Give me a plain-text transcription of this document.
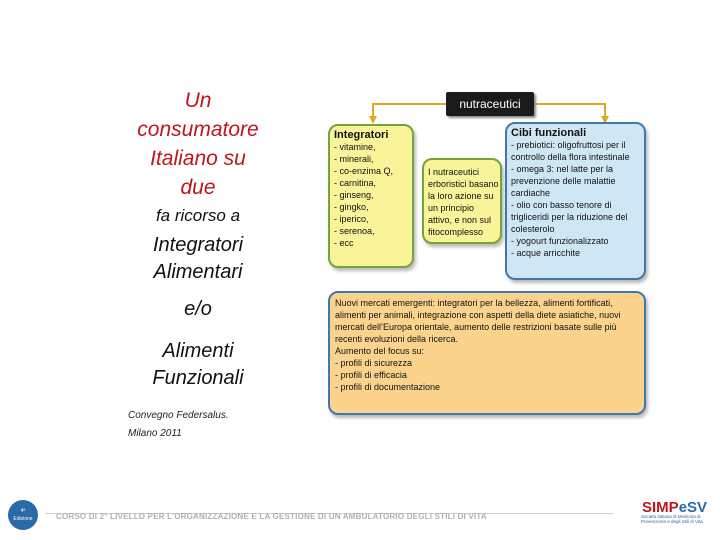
Un
consumatore
Italiano su
due
fa ricorso a
Integratori
Alimentari
e/o
Alimenti
Funzionali
Convegno Federsalus.
Milano 2011
nutraceutici
Integratori
- vitamine,
- minerali,
- co-enzima Q,
- carnitina,
- ginseng,
- gingko,
- iperico,
- serenoa,
- ecc
I nutraceutici
erboristici basano
la loro azione su
un principio
attivo, e non sul
fitocomplesso
Cibi funzionali
- prebiotici: oligofruttosi per il
controllo della flora intestinale
- omega 3: nel latte per la
prevenzione delle malattie
cardiache
- olio con basso tenore di
trigliceridi per la riduzione del
colesterolo
- yogourt funzionalizzato
- acque arricchite
Nuovi mercati emergenti: integratori per la bellezza, alimenti fortificati,
alimenti per animali, integrazione con aspetti della diete asiatiche, nuovi
mercati dell’Europa orientale, aumento delle restrizioni basate sulle più
recenti evoluzioni della ricerca.
Aumento del focus su:
- profili di sicurezza
- profili di efficacia
- profili di documentazione
4ª
Edizione	CORSO DI 2° LIVELLO PER L’ORGANIZZAZIONE E LA GESTIONE DI UN AMBULATORIO DEGLI STILI DI VITA
SIMPeSV
Società Italiana di Medicina di Prevenzione e degli Stili di Vita
